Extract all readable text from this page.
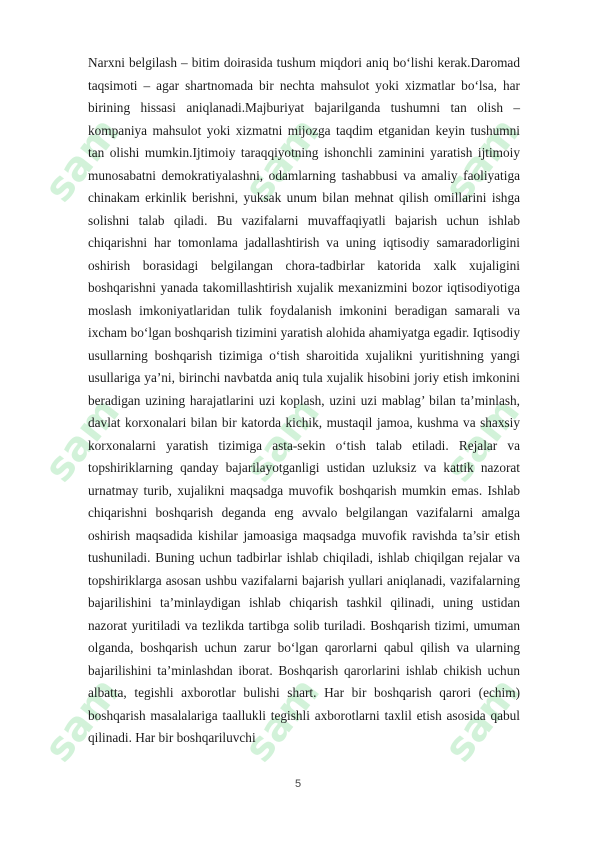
sam	sam	sam
sam	sam	sam
sam	sam	sam

Narxni belgilash – bitim doirasida tushum miqdori aniq bo‘lishi kerak.Daromad taqsimoti – agar shartnomada bir nechta mahsulot yoki xizmatlar bo‘lsa, har birining hissasi aniqlanadi.Majburiyat bajarilganda tushumni tan olish – kompaniya mahsulot yoki xizmatni mijozga taqdim etganidan keyin tushumni tan olishi mumkin.Ijtimoiy taraqqiyotning ishonchli zaminini yaratish ijtimoiy munosabatni demokratiyalashni, odamlarning tashabbusi va amaliy faoliyatiga chinakam erkinlik berishni, yuksak unum bilan mehnat qilish omillarini ishga solishni talab qiladi. Bu vazifalarni muvaffaqiyatli bajarish uchun ishlab chiqarishni har tomonlama jadallashtirish va uning iqtisodiy samaradorligini oshirish borasidagi belgilangan chora-tadbirlar katorida xalk xujaligini boshqarishni yanada takomillashtirish xujalik mexanizmini bozor iqtisodiyotiga moslash imkoniyatlaridan tulik foydalanish imkonini beradigan samarali va ixcham bo‘lgan boshqarish tizimini yaratish alohida ahamiyatga egadir. Iqtisodiy usullarning boshqarish tizimiga o‘tish sharoitida xujalikni yuritishning yangi usullariga ya’ni, birinchi navbatda aniq tula xujalik hisobini joriy etish imkonini beradigan uzining harajatlarini uzi koplash, uzini uzi mablag’ bilan ta’minlash, davlat korxonalari bilan bir katorda kichik, mustaqil jamoa, kushma va shaxsiy korxonalarni yaratish tizimiga asta-sekin o‘tish talab etiladi. Rejalar va topshiriklarning qanday bajarilayotganligi ustidan uzluksiz va kattik nazorat urnatmay turib, xujalikni maqsadga muvofik boshqarish mumkin emas. Ishlab chiqarishni boshqarish deganda eng avvalo belgilangan vazifalarni amalga oshirish maqsadida kishilar jamoasiga maqsadga muvofik ravishda ta’sir etish tushuniladi. Buning uchun tadbirlar ishlab chiqiladi, ishlab chiqilgan rejalar va topshiriklarga asosan ushbu vazifalarni bajarish yullari aniqlanadi, vazifalarning bajarilishini ta’minlaydigan ishlab chiqarish tashkil qilinadi, uning ustidan nazorat yuritiladi va tezlikda tartibga solib turiladi. Boshqarish tizimi, umuman olganda, boshqarish uchun zarur bo‘lgan qarorlarni qabul qilish va ularning bajarilishini ta’minlashdan iborat. Boshqarish qarorlarini ishlab chikish uchun albatta, tegishli axborotlar bulishi shart. Har bir boshqarish qarori (echim) boshqarish masalalariga taallukli tegishli axborotlarni taxlil etish asosida qabul qilinadi. Har bir boshqariluvchi

5
